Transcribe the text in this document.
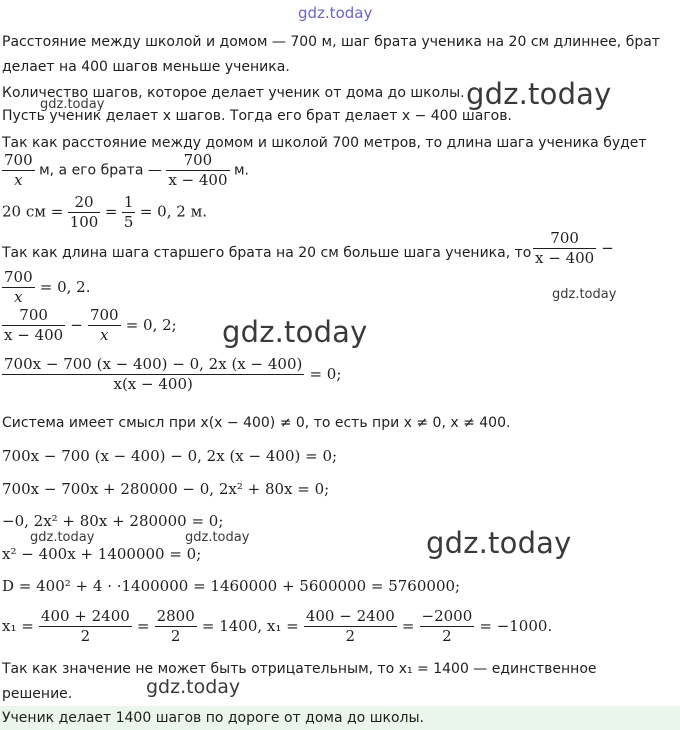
gdz.today
Расстояние между школой и домом — 700 м, шаг брата ученика на 20 см длиннее, брат
делает на 400 шагов меньше ученика.
Количество шагов, которое делает ученик от дома до школы. gdz.today
gdz.today
Пусть ученик делает x шагов. Тогда его брат делает x − 400 шагов.
Так как расстояние между домом и школой 700 метров, то длина шага ученика будет
$\frac{700}{x} м$, а его брата — $\frac{700}{x - 400} м$.
20 см = $\frac{20}{100} = \frac{1}{5} = 0$, 2 м.
Так как длина шага старшего брата на 20 см больше шага ученика, то $\frac{700}{x - 400}$ −
$\frac{700}{x} = 0$, 2.	gdz.today
$\frac{700}{x - 400} - \frac{700}{x} = 0$, 2; gdz.today
$\frac{700x - 700 (x - 400) - 0, 2x (x - 400)}{x(x - 400)} = 0$;
Система имеет смысл при x(x − 400) ≠ 0, то есть при x ≠ 0, x ≠ 400.
700x − 700 (x − 400) − 0, 2x (x − 400) = 0;
700x − 700x + 280000 − 0, 2x² + 80x = 0;
−0, 2x² + 80x + 280000 = 0;
gdz.today	gdz.today	gdz.today
x² − 400x + 1400000 = 0;
D = 400² + 4 · ·1400000 = 1460000 + 5600000 = 5760000;
$x_1 = \frac{400 + 2400}{2} = \frac{2800}{2} = 1400$, $x_1 = \frac{400 - 2400}{2} = \frac{-2000}{2} = -1000$.
Так как значение не может быть отрицательным, то x₁ = 1400 — единственное
решение.	gdz.today
Ученик делает 1400 шагов по дороге от дома до школы.
